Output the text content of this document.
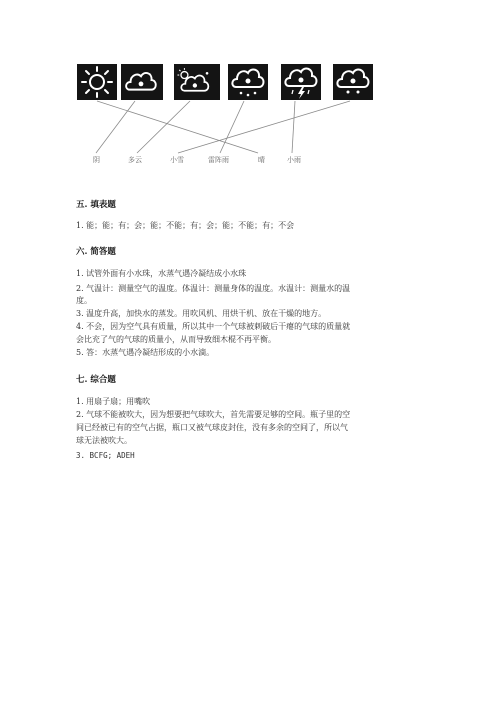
阴	多云	小雪	雷阵雨	晴	小雨
五. 填表题
1. 能；能；有；会；能；不能；有；会；能；不能；有；不会
六. 简答题
1. 试管外面有小水珠，水蒸气遇冷凝结成小水珠
2. 气温计：测量空气的温度。体温计：测量身体的温度。水温计：测量水的温
度。
3. 温度升高，加快水的蒸发。用吹风机、用烘干机、放在干燥的地方。
4. 不会，因为空气具有质量，所以其中一个气球被刺破后干瘪的气球的质量就
会比充了气的气球的质量小，从而导致细木棍不再平衡。
5. 答：水蒸气遇冷凝结形成的小水滴。
七. 综合题
1. 用扇子扇；用嘴吹
2. 气球不能被吹大，因为想要把气球吹大，首先需要足够的空间。瓶子里的空
间已经被已有的空气占据，瓶口又被气球皮封住，没有多余的空间了，所以气
球无法被吹大。
3. BCFG; ADEH
